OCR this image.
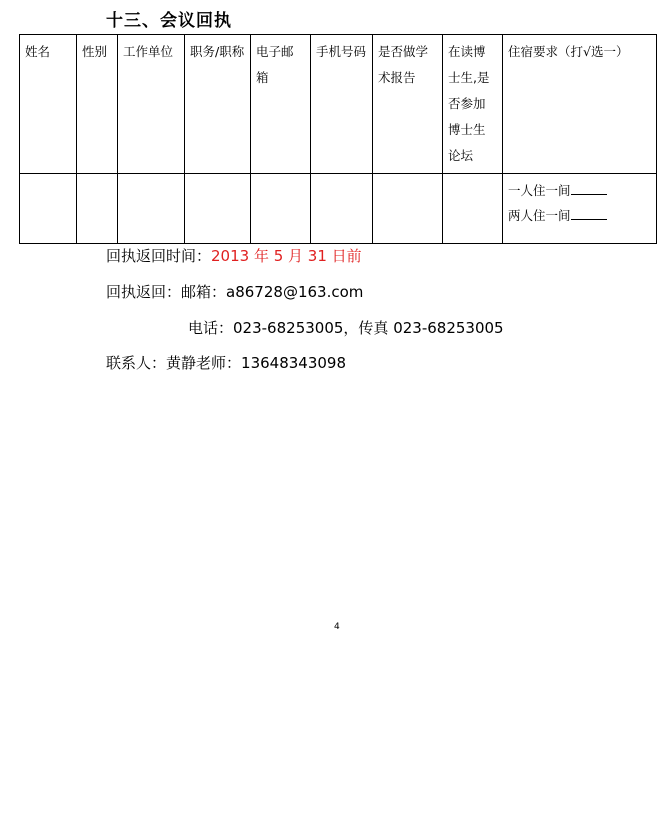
十三、会议回执
姓名	性别	工作单位	职务/职称	电子邮箱	手机号码	是否做学术报告	在读博士生,是否参加博士生论坛	住宿要求（打√选一）

								一人住一间
两人住一间
回执返回时间：2013 年 5 月 31 日前
回执返回：邮箱：a86728@163.com
电话：023-68253005，传真 023-68253005
联系人：黄静老师：13648343098
4
